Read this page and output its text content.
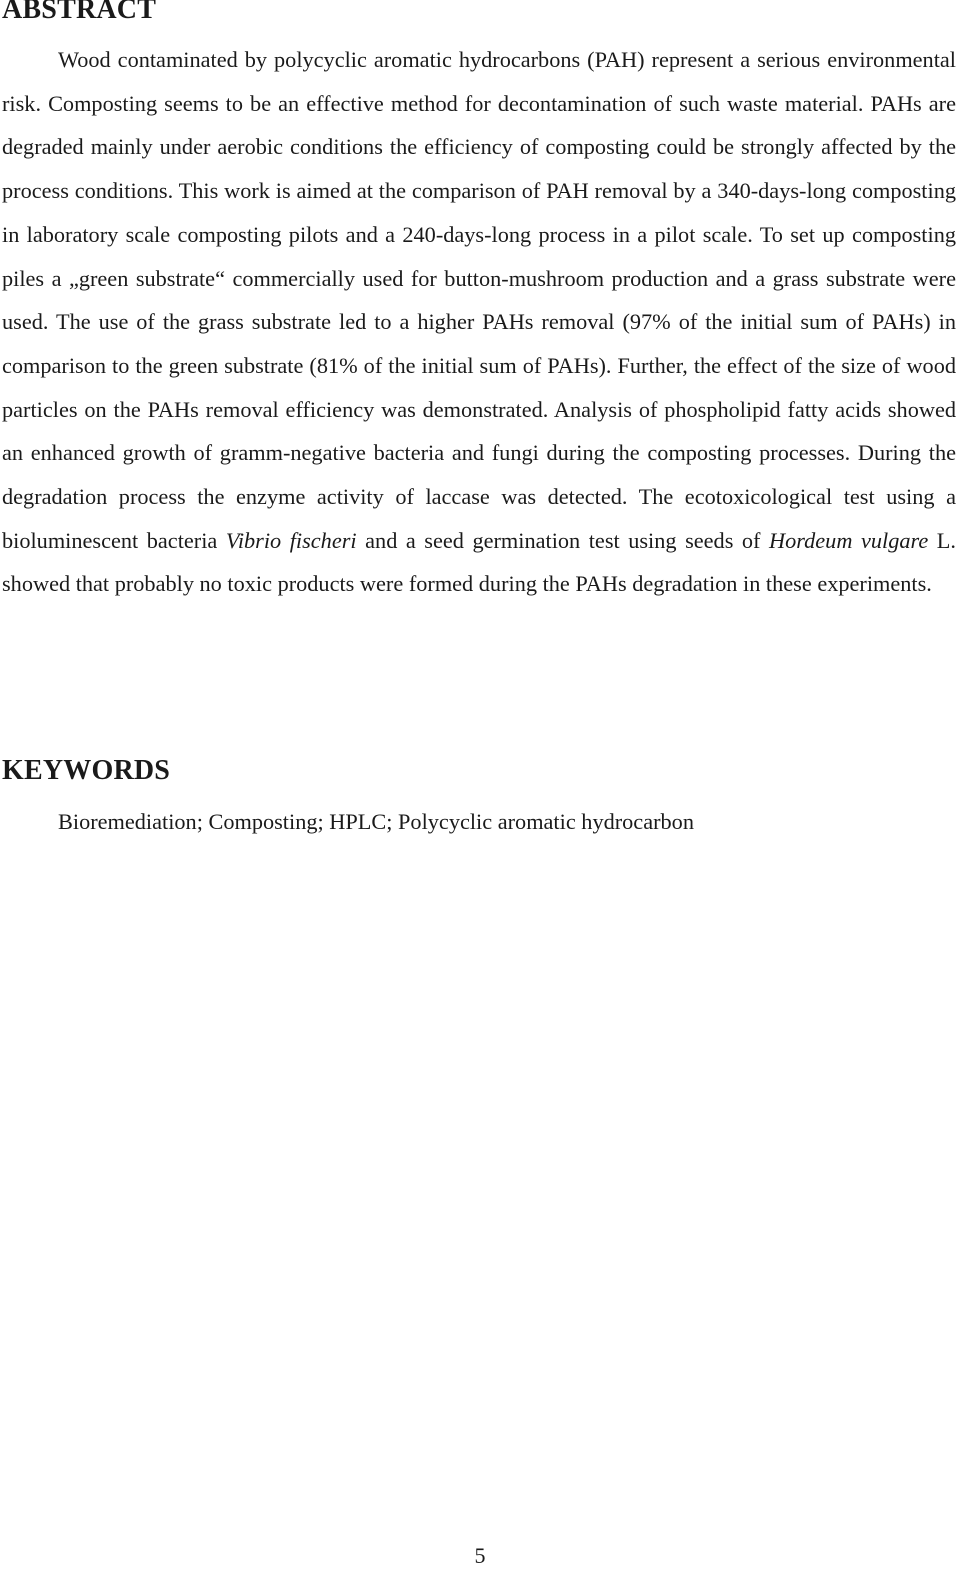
ABSTRACT

Wood contaminated by polycyclic aromatic hydrocarbons (PAH) represent a serious environmental risk. Composting seems to be an effective method for decontamination of such waste material. PAHs are degraded mainly under aerobic conditions the efficiency of composting could be strongly affected by the process conditions. This work is aimed at the comparison of PAH removal by a 340-days-long composting in laboratory scale composting pilots and a 240-days-long process in a pilot scale. To set up composting piles a „green substrate“ commercially used for button-mushroom production and a grass substrate were used. The use of the grass substrate led to a higher PAHs removal (97% of the initial sum of PAHs) in comparison to the green substrate (81% of the initial sum of PAHs). Further, the effect of the size of wood particles on the PAHs removal efficiency was demonstrated. Analysis of phospholipid fatty acids showed an enhanced growth of gramm-negative bacteria and fungi during the composting processes. During the degradation process the enzyme activity of laccase was detected. The ecotoxicological test using a bioluminescent bacteria Vibrio fischeri and a seed germination test using seeds of Hordeum vulgare L. showed that probably no toxic products were formed during the PAHs degradation in these experiments.

KEYWORDS

Bioremediation; Composting; HPLC; Polycyclic aromatic hydrocarbon

5
